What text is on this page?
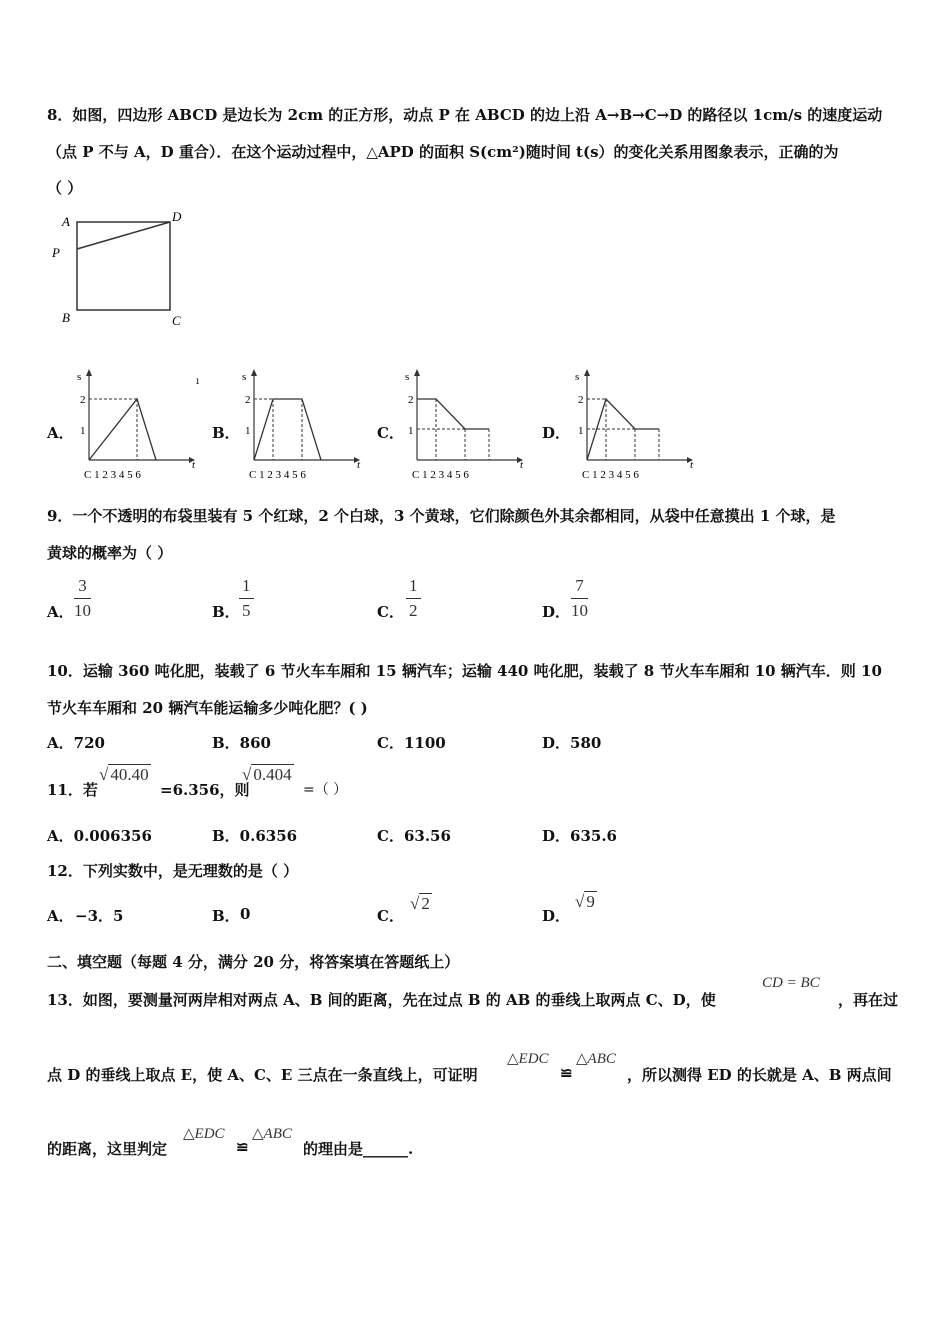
8．如图，四边形 ABCD 是边长为 2cm 的正方形，动点 P 在 ABCD 的边上沿 A→B→C→D 的路径以 1cm/s 的速度运动
（点 P 不与 A，D 重合）．在这个运动过程中，△APD 的面积 S(cm²)随时间 t(s）的变化关系用图象表示，正确的为
（ ）
A	D
P
B	C
A．	B．	C．	D．
s
t
2
1
C 1 2 3 4 5 6
ı	s
t
2
1
C 1 2 3 4 5 6
s
t
2
1
C 1 2 3 4 5 6
s
t
2
1
C 1 2 3 4 5 6
9．一个不透明的布袋里装有 5 个红球，2 个白球，3 个黄球，它们除颜色外其余都相同，从袋中任意摸出 1 个球，是
黄球的概率为（ ）
A． $\frac{3}{10}$	B． $\frac{1}{5}$	C． $\frac{1}{2}$	D． $\frac{7}{10}$
10．运输 360 吨化肥，装载了 6 节火车车厢和 15 辆汽车；运输 440 吨化肥，装载了 8 节火车车厢和 10 辆汽车．则 10
节火车车厢和 20 辆汽车能运输多少吨化肥？( )
A．720	B．860	C．1100	D．580
11．若
√ 40.40
=6.356，则
√ 0.404
=（ ）
A．0.006356	B．0.6356	C．63.56	D．635.6
12．下列实数中，是无理数的是（ ）
A． −3．5	B． 0	C．
√ 2
D．
√ 9
二、填空题（每题 4 分，满分 20 分，将答案填在答题纸上）
13．如图，要测量河两岸相对两点 A、B 间的距离，先在过点 B 的 AB 的垂线上取两点 C、D，使
CD = BC
，再在过
点 D 的垂线上取点 E，使 A、C、E 三点在一条直线上，可证明
△EDC
≌
△ABC
，所以测得 ED 的长就是 A、B 两点间
的距离，这里判定
△EDC
≌
△ABC
的理由是______.
